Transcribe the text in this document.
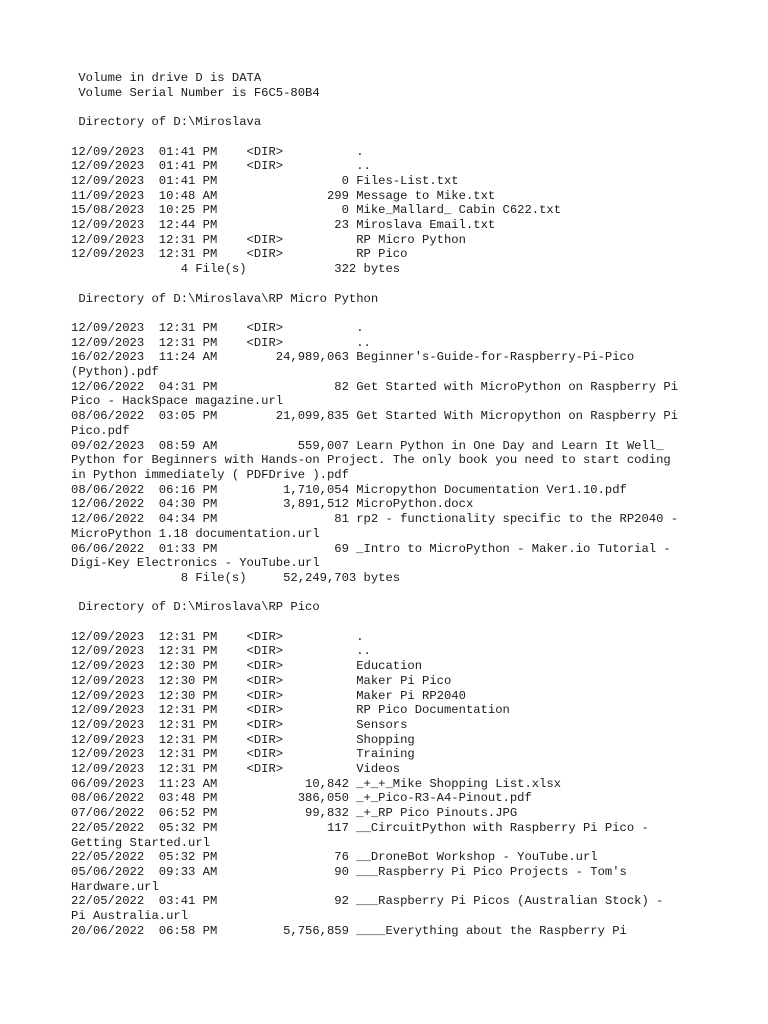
Volume in drive D is DATA
Volume Serial Number is F6C5-80B4

Directory of D:\Miroslava

12/09/2023  01:41 PM    <DIR>          .
12/09/2023  01:41 PM    <DIR>          ..
12/09/2023  01:41 PM                 0 Files-List.txt
11/09/2023  10:48 AM               299 Message to Mike.txt
15/08/2023  10:25 PM                 0 Mike_Mallard_ Cabin C622.txt
12/09/2023  12:44 PM                23 Miroslava Email.txt
12/09/2023  12:31 PM    <DIR>          RP Micro Python
12/09/2023  12:31 PM    <DIR>          RP Pico
4 File(s)            322 bytes

Directory of D:\Miroslava\RP Micro Python

12/09/2023  12:31 PM    <DIR>          .
12/09/2023  12:31 PM    <DIR>          ..
16/02/2023  11:24 AM        24,989,063 Beginner's-Guide-for-Raspberry-Pi-Pico
(Python).pdf
12/06/2022  04:31 PM                82 Get Started with MicroPython on Raspberry Pi
Pico - HackSpace magazine.url
08/06/2022  03:05 PM        21,099,835 Get Started With Micropython on Raspberry Pi
Pico.pdf
09/02/2023  08:59 AM           559,007 Learn Python in One Day and Learn It Well_
Python for Beginners with Hands-on Project. The only book you need to start coding
in Python immediately ( PDFDrive ).pdf
08/06/2022  06:16 PM         1,710,054 Micropython Documentation Ver1.10.pdf
12/06/2022  04:30 PM         3,891,512 MicroPython.docx
12/06/2022  04:34 PM                81 rp2 - functionality specific to the RP2040 -
MicroPython 1.18 documentation.url
06/06/2022  01:33 PM                69 _Intro to MicroPython - Maker.io Tutorial -
Digi-Key Electronics - YouTube.url
8 File(s)     52,249,703 bytes

Directory of D:\Miroslava\RP Pico

12/09/2023  12:31 PM    <DIR>          .
12/09/2023  12:31 PM    <DIR>          ..
12/09/2023  12:30 PM    <DIR>          Education
12/09/2023  12:30 PM    <DIR>          Maker Pi Pico
12/09/2023  12:30 PM    <DIR>          Maker Pi RP2040
12/09/2023  12:31 PM    <DIR>          RP Pico Documentation
12/09/2023  12:31 PM    <DIR>          Sensors
12/09/2023  12:31 PM    <DIR>          Shopping
12/09/2023  12:31 PM    <DIR>          Training
12/09/2023  12:31 PM    <DIR>          Videos
06/09/2023  11:23 AM            10,842 _+_+_Mike Shopping List.xlsx
08/06/2022  03:48 PM           386,050 _+_Pico-R3-A4-Pinout.pdf
07/06/2022  06:52 PM            99,832 _+_RP Pico Pinouts.JPG
22/05/2022  05:32 PM               117 __CircuitPython with Raspberry Pi Pico -
Getting Started.url
22/05/2022  05:32 PM                76 __DroneBot Workshop - YouTube.url
05/06/2022  09:33 AM                90 ___Raspberry Pi Pico Projects - Tom's
Hardware.url
22/05/2022  03:41 PM                92 ___Raspberry Pi Picos (Australian Stock) -
Pi Australia.url
20/06/2022  06:58 PM         5,756,859 ____Everything about the Raspberry Pi
